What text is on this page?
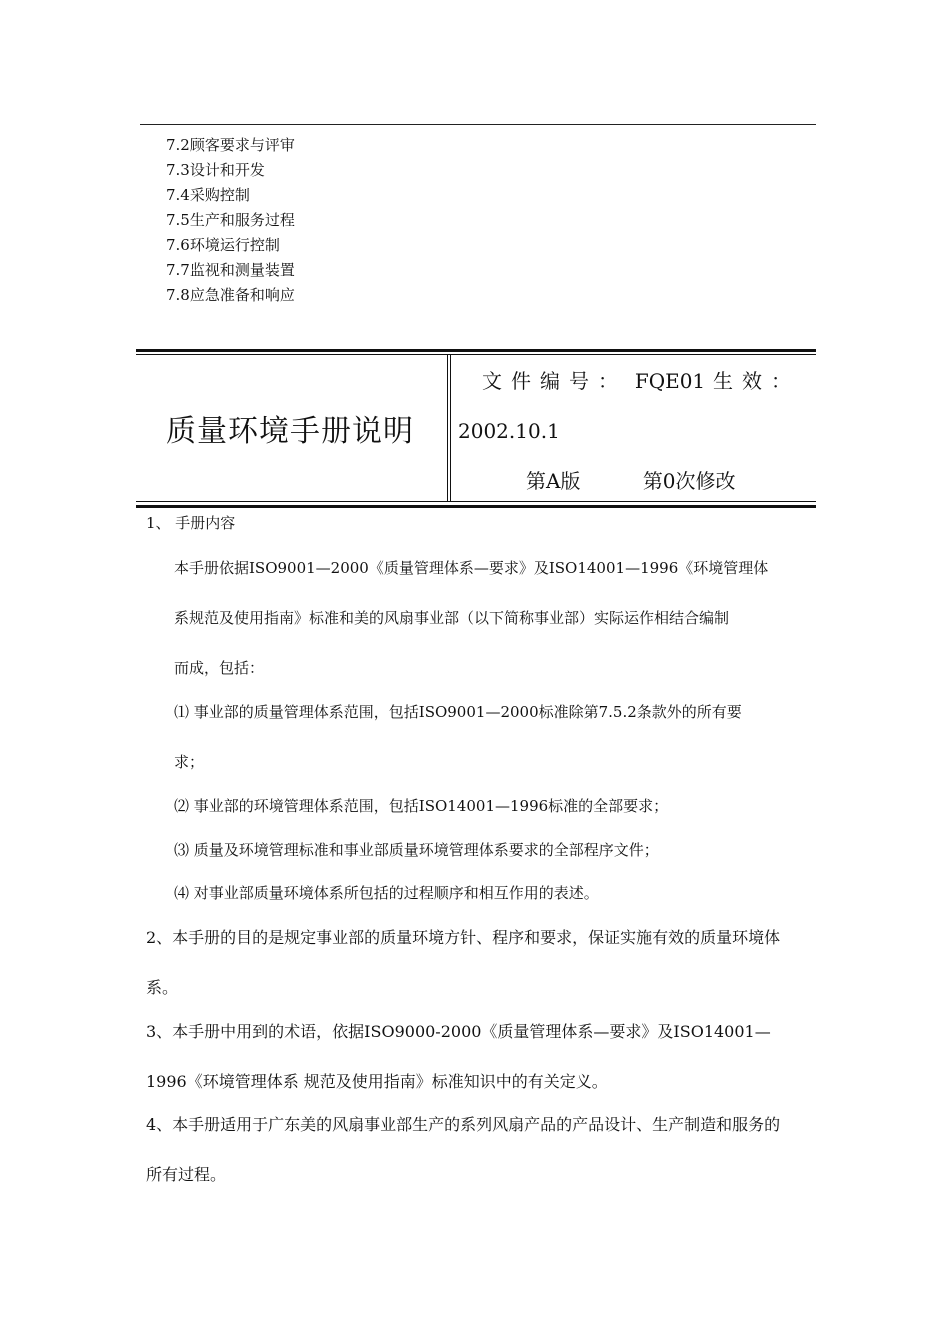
7.2顾客要求与评审
7.3设计和开发
7.4采购控制
7.5生产和服务过程
7.6环境运行控制
7.7监视和测量装置
7.8应急准备和响应
质量环境手册说明
文件编号： FQE01 生效：
2002.10.1
第A版	第0次修改
1、 手册内容
本手册依据ISO9001—2000《质量管理体系—要求》及ISO14001—1996《环境管理体
系规范及使用指南》标准和美的风扇事业部（以下简称事业部）实际运作相结合编制
而成，包括：
⑴ 事业部的质量管理体系范围，包括ISO9001—2000标准除第7.5.2条款外的所有要
求；
⑵ 事业部的环境管理体系范围，包括ISO14001—1996标准的全部要求；
⑶ 质量及环境管理标准和事业部质量环境管理体系要求的全部程序文件；
⑷ 对事业部质量环境体系所包括的过程顺序和相互作用的表述。
2、本手册的目的是规定事业部的质量环境方针、程序和要求，保证实施有效的质量环境体
系。
3、本手册中用到的术语，依据ISO9000-2000《质量管理体系—要求》及ISO14001—
1996《环境管理体系 规范及使用指南》标准知识中的有关定义。
4、本手册适用于广东美的风扇事业部生产的系列风扇产品的产品设计、生产制造和服务的
所有过程。
